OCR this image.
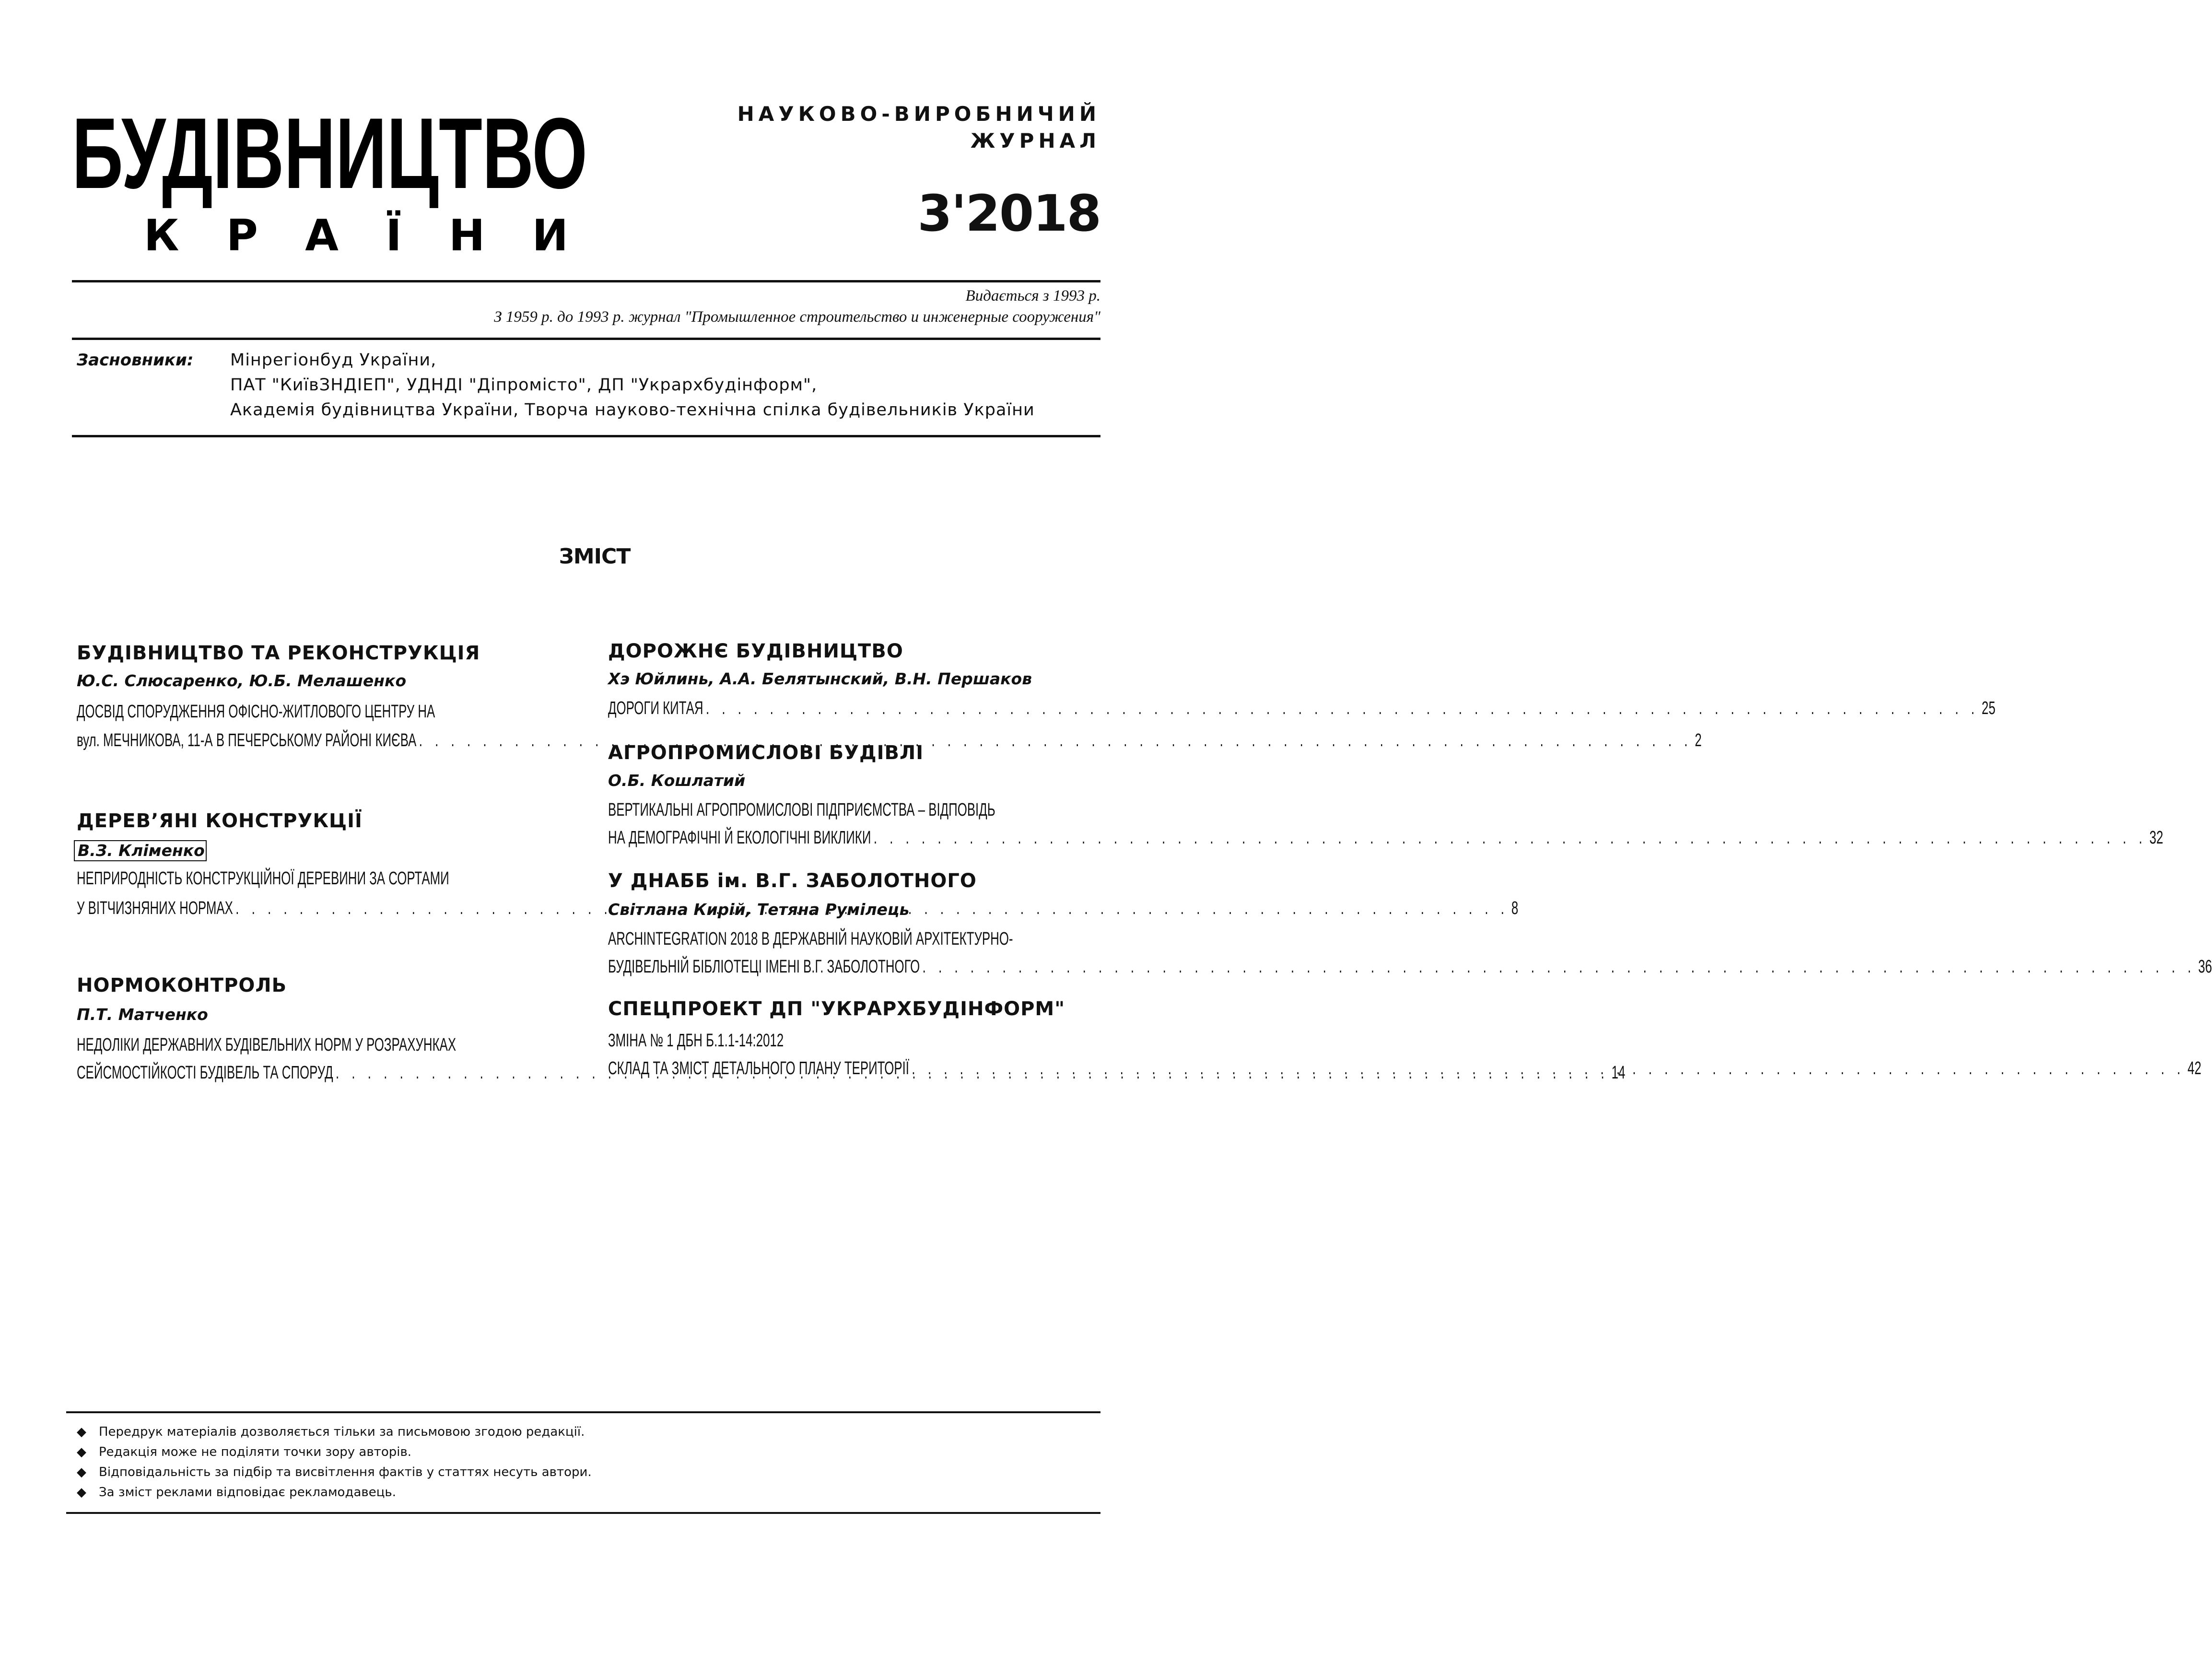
БУДІВНИЦТВО
КРАЇНИ
НАУКОВО-ВИРОБНИЧИЙ
ЖУРНАЛ
3'2018
Видається з 1993 р.
З 1959 р. до 1993 р. журнал "Промышленное строительство и инженерные сооружения"
Засновники: Мінрегіонбуд України,
ПАТ "КиївЗНДІЕП", УДНДІ "Діпромісто", ДП "Укрархбудінформ",
Академія будівництва України, Творча науково-технічна спілка будівельників України
ЗМІСТ
БУДІВНИЦТВО ТА РЕКОНСТРУКЦІЯ
Ю.С. Слюсаренко, Ю.Б. Мелашенко
ДОСВІД СПОРУДЖЕННЯ ОФІСНО-ЖИТЛОВОГО ЦЕНТРУ НА
вул. МЕЧНИКОВА, 11-А В ПЕЧЕРСЬКОМУ РАЙОНІ КИЄВА . . .	2
ДЕРЕВ’ЯНІ КОНСТРУКЦІЇ
В.З. Кліменко
НЕПРИРОДНІСТЬ КОНСТРУКЦІЙНОЇ ДЕРЕВИНИ ЗА СОРТАМИ
У ВІТЧИЗНЯНИХ НОРМАХ . . .	8
НОРМОКОНТРОЛЬ
П.Т. Матченко
НЕДОЛІКИ ДЕРЖАВНИХ БУДІВЕЛЬНИХ НОРМ У РОЗРАХУНКАХ
СЕЙСМОСТІЙКОСТІ БУДІВЕЛЬ ТА СПОРУД . . .	14
ДОРОЖНЄ БУДІВНИЦТВО
Хэ Юйлинь, А.А. Белятынский, В.Н. Першаков
ДОРОГИ КИТАЯ . . .	25
АГРОПРОМИСЛОВІ БУДІВЛІ
О.Б. Кошлатий
ВЕРТИКАЛЬНІ АГРОПРОМИСЛОВІ ПІДПРИЄМСТВА – ВІДПОВІДЬ
НА ДЕМОГРАФІЧНІ Й ЕКОЛОГІЧНІ ВИКЛИКИ . . .	32
У ДНАББ ім. В.Г. ЗАБОЛОТНОГО
Світлана Кирій, Тетяна Румілець
ARCHINTEGRATION 2018 В ДЕРЖАВНІЙ НАУКОВІЙ АРХІТЕКТУРНО-
БУДІВЕЛЬНІЙ БІБЛІОТЕЦІ ІМЕНІ В.Г. ЗАБОЛОТНОГО . . .	36
СПЕЦПРОЕКТ ДП "УКРАРХБУДІНФОРМ"
ЗМІНА № 1 ДБН Б.1.1-14:2012
СКЛАД ТА ЗМІСТ ДЕТАЛЬНОГО ПЛАНУ ТЕРИТОРІЇ . . .	42
◆ Передрук матеріалів дозволяється тільки за письмовою згодою редакції.
◆ Редакція може не поділяти точки зору авторів.
◆ Відповідальність за підбір та висвітлення фактів у статтях несуть автори.
◆ За зміст реклами відповідає рекламодавець.
